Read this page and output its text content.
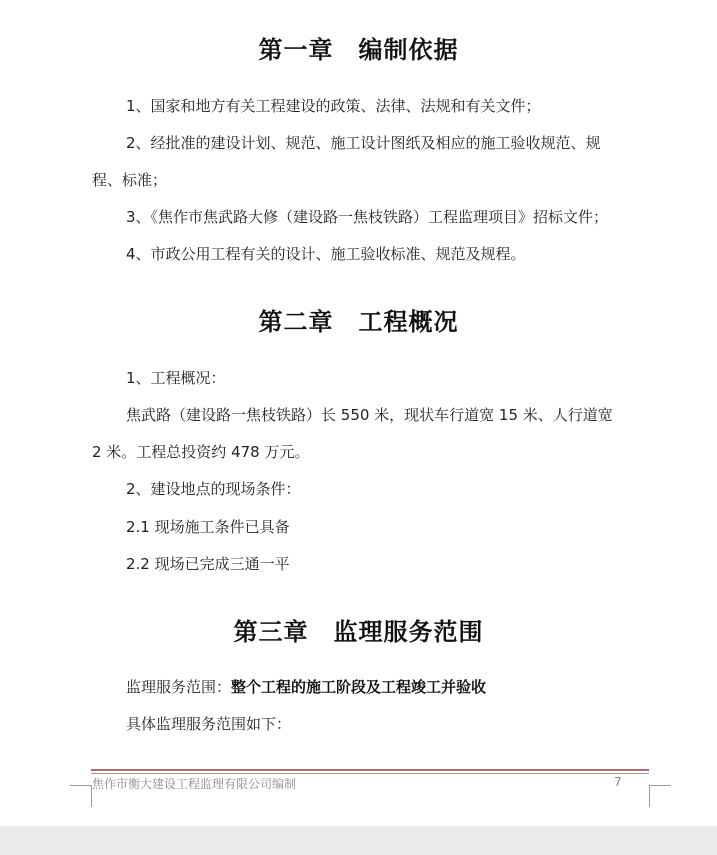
第一章　编制依据
1、国家和地方有关工程建设的政策、法律、法规和有关文件；
2、经批准的建设计划、规范、施工设计图纸及相应的施工验收规范、规
程、标准；
3、《焦作市焦武路大修（建设路一焦枝铁路）工程监理项目》招标文件；
4、市政公用工程有关的设计、施工验收标准、规范及规程。
第二章　工程概况
1、工程概况：
焦武路（建设路一焦枝铁路）长 550 米，现状车行道宽 15 米、人行道宽
2 米。工程总投资约 478 万元。
2、建设地点的现场条件：
2.1 现场施工条件已具备
2.2 现场已完成三通一平
第三章　监理服务范围
监理服务范围：整个工程的施工阶段及工程竣工并验收
具体监理服务范围如下：
焦作市衡大建设工程监理有限公司编制	7
